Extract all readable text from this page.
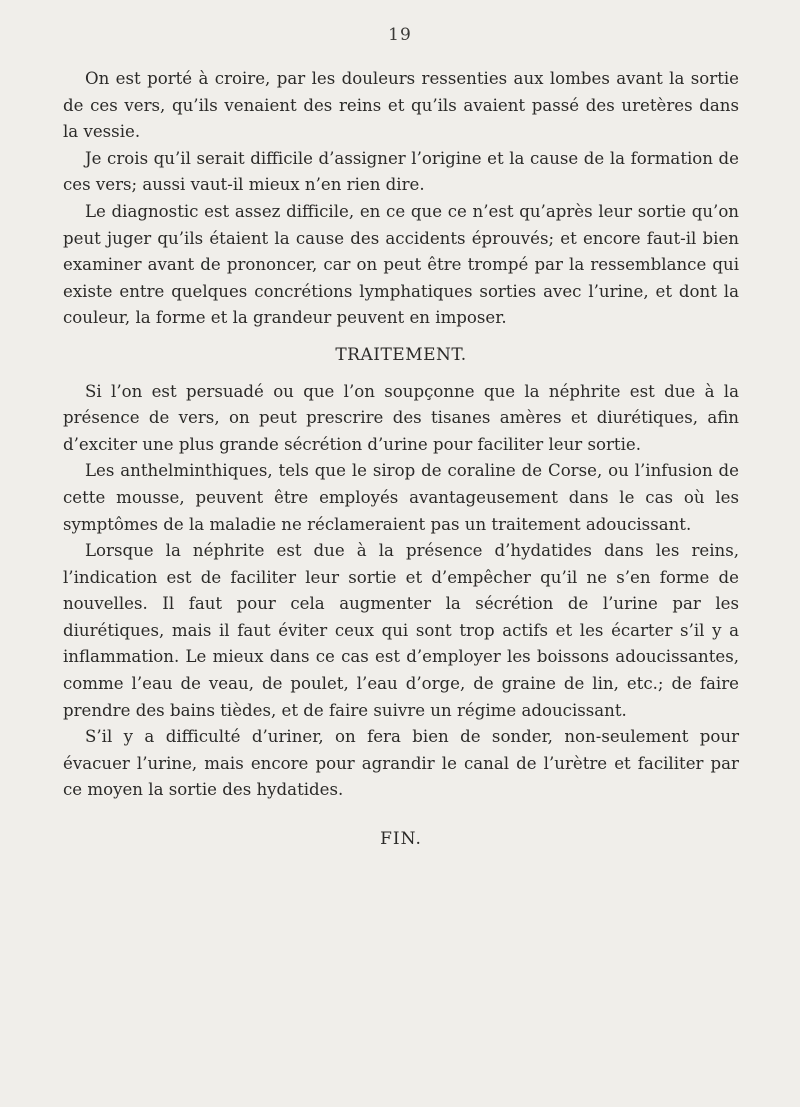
19

On est porté à croire, par les douleurs ressenties aux lombes avant la sortie de ces vers, qu’ils venaient des reins et qu’ils avaient passé des uretères dans la vessie.

Je crois qu’il serait difficile d’assigner l’origine et la cause de la formation de ces vers; aussi vaut-il mieux n’en rien dire.

Le diagnostic est assez difficile, en ce que ce n’est qu’après leur sortie qu’on peut juger qu’ils étaient la cause des accidents éprouvés; et encore faut-il bien examiner avant de prononcer, car on peut être trompé par la ressemblance qui existe entre quelques concrétions lymphatiques sorties avec l’urine, et dont la couleur, la forme et la grandeur peuvent en imposer.

TRAITEMENT.

Si l’on est persuadé ou que l’on soupçonne que la néphrite est due à la présence de vers, on peut prescrire des tisanes amères et diurétiques, afin d’exciter une plus grande sécrétion d’urine pour faciliter leur sortie.

Les anthelminthiques, tels que le sirop de coraline de Corse, ou l’infusion de cette mousse, peuvent être employés avantageusement dans le cas où les symptômes de la maladie ne réclameraient pas un traitement adoucissant.

Lorsque la néphrite est due à la présence d’hydatides dans les reins, l’indication est de faciliter leur sortie et d’empêcher qu’il ne s’en forme de nouvelles. Il faut pour cela augmenter la sécrétion de l’urine par les diurétiques, mais il faut éviter ceux qui sont trop actifs et les écarter s’il y a inflammation. Le mieux dans ce cas est d’employer les boissons adoucissantes, comme l’eau de veau, de poulet, l’eau d’orge, de graine de lin, etc.; de faire prendre des bains tièdes, et de faire suivre un régime adoucissant.

S’il y a difficulté d’uriner, on fera bien de sonder, non-seulement pour évacuer l’urine, mais encore pour agrandir le canal de l’urètre et faciliter par ce moyen la sortie des hydatides.

FIN.
